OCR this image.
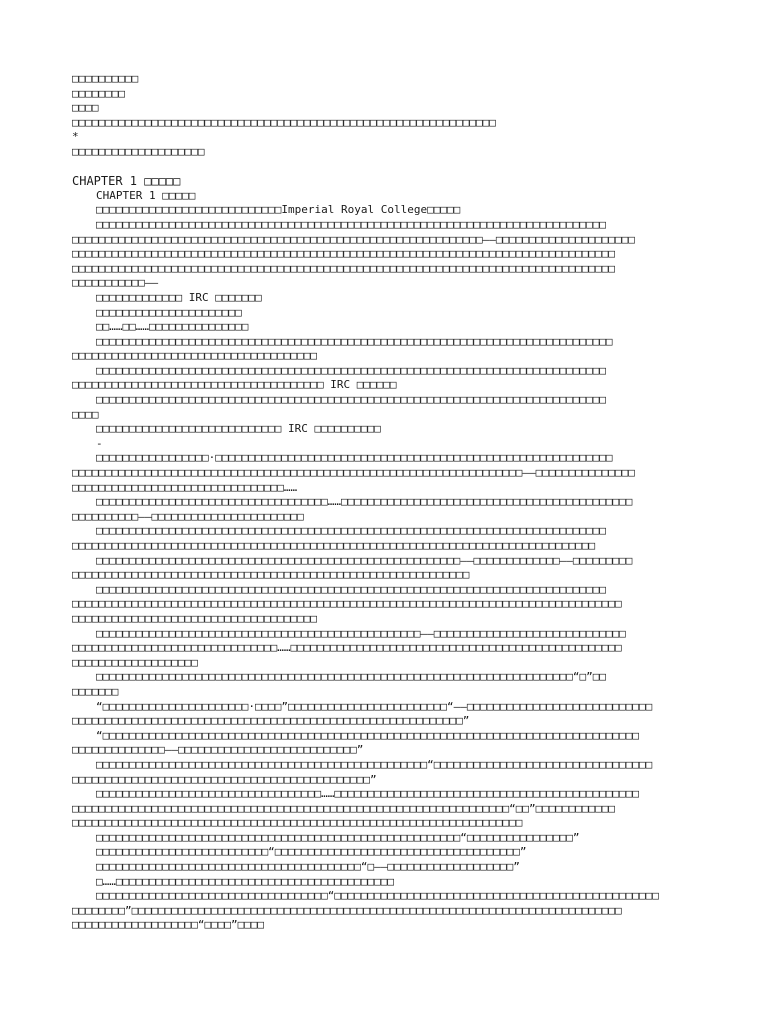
□□□□□□□□□□
□□□□□□□□
□□□□
□□□□□□□□□□□□□□□□□□□□□□□□□□□□□□□□□□□□□□□□□□□□□□□□□□□□□□□□□□□□□□□□
*
□□□□□□□□□□□□□□□□□□□□
CHAPTER 1 □□□□□
CHAPTER 1 □□□□□
□□□□□□□□□□□□□□□□□□□□□□□□□□□□Imperial Royal College□□□□□
□□□□□□□□□□□□□□□□□□□□□□□□□□□□□□□□□□□□□□□□□□□□□□□□□□□□□□□□□□□□□□□□□□□□□□□□□□□□□
□□□□□□□□□□□□□□□□□□□□□□□□□□□□□□□□□□□□□□□□□□□□□□□□□□□□□□□□□□□□□□——□□□□□□□□□□□□□□□□□□□□□
□□□□□□□□□□□□□□□□□□□□□□□□□□□□□□□□□□□□□□□□□□□□□□□□□□□□□□□□□□□□□□□□□□□□□□□□□□□□□□□□□□
□□□□□□□□□□□□□□□□□□□□□□□□□□□□□□□□□□□□□□□□□□□□□□□□□□□□□□□□□□□□□□□□□□□□□□□□□□□□□□□□□□
□□□□□□□□□□□——
□□□□□□□□□□□□□ IRC □□□□□□□
□□□□□□□□□□□□□□□□□□□□□□
□□……□□……□□□□□□□□□□□□□□□
□□□□□□□□□□□□□□□□□□□□□□□□□□□□□□□□□□□□□□□□□□□□□□□□□□□□□□□□□□□□□□□□□□□□□□□□□□□□□□
□□□□□□□□□□□□□□□□□□□□□□□□□□□□□□□□□□□□□
□□□□□□□□□□□□□□□□□□□□□□□□□□□□□□□□□□□□□□□□□□□□□□□□□□□□□□□□□□□□□□□□□□□□□□□□□□□□□
□□□□□□□□□□□□□□□□□□□□□□□□□□□□□□□□□□□□□□ IRC □□□□□□
□□□□□□□□□□□□□□□□□□□□□□□□□□□□□□□□□□□□□□□□□□□□□□□□□□□□□□□□□□□□□□□□□□□□□□□□□□□□□
□□□□
□□□□□□□□□□□□□□□□□□□□□□□□□□□□ IRC □□□□□□□□□□
-
□□□□□□□□□□□□□□□□□·□□□□□□□□□□□□□□□□□□□□□□□□□□□□□□□□□□□□□□□□□□□□□□□□□□□□□□□□□□□□
□□□□□□□□□□□□□□□□□□□□□□□□□□□□□□□□□□□□□□□□□□□□□□□□□□□□□□□□□□□□□□□□□□□□——□□□□□□□□□□□□□□□
□□□□□□□□□□□□□□□□□□□□□□□□□□□□□□□□……
□□□□□□□□□□□□□□□□□□□□□□□□□□□□□□□□□□□……□□□□□□□□□□□□□□□□□□□□□□□□□□□□□□□□□□□□□□□□□□□□
□□□□□□□□□□——□□□□□□□□□□□□□□□□□□□□□□□
□□□□□□□□□□□□□□□□□□□□□□□□□□□□□□□□□□□□□□□□□□□□□□□□□□□□□□□□□□□□□□□□□□□□□□□□□□□□□
□□□□□□□□□□□□□□□□□□□□□□□□□□□□□□□□□□□□□□□□□□□□□□□□□□□□□□□□□□□□□□□□□□□□□□□□□□□□□□□
□□□□□□□□□□□□□□□□□□□□□□□□□□□□□□□□□□□□□□□□□□□□□□□□□□□□□□□——□□□□□□□□□□□□□——□□□□□□□□□
□□□□□□□□□□□□□□□□□□□□□□□□□□□□□□□□□□□□□□□□□□□□□□□□□□□□□□□□□□□□
□□□□□□□□□□□□□□□□□□□□□□□□□□□□□□□□□□□□□□□□□□□□□□□□□□□□□□□□□□□□□□□□□□□□□□□□□□□□□
□□□□□□□□□□□□□□□□□□□□□□□□□□□□□□□□□□□□□□□□□□□□□□□□□□□□□□□□□□□□□□□□□□□□□□□□□□□□□□□□□□□
□□□□□□□□□□□□□□□□□□□□□□□□□□□□□□□□□□□□□
□□□□□□□□□□□□□□□□□□□□□□□□□□□□□□□□□□□□□□□□□□□□□□□□□——□□□□□□□□□□□□□□□□□□□□□□□□□□□□□
□□□□□□□□□□□□□□□□□□□□□□□□□□□□□□□……□□□□□□□□□□□□□□□□□□□□□□□□□□□□□□□□□□□□□□□□□□□□□□□□□□
□□□□□□□□□□□□□□□□□□□
□□□□□□□□□□□□□□□□□□□□□□□□□□□□□□□□□□□□□□□□□□□□□□□□□□□□□□□□□□□□□□□□□□□□□□□□“□”□□
□□□□□□□
“□□□□□□□□□□□□□□□□□□□□□□·□□□□”□□□□□□□□□□□□□□□□□□□□□□□□“——□□□□□□□□□□□□□□□□□□□□□□□□□□□□
□□□□□□□□□□□□□□□□□□□□□□□□□□□□□□□□□□□□□□□□□□□□□□□□□□□□□□□□□□□”
“□□□□□□□□□□□□□□□□□□□□□□□□□□□□□□□□□□□□□□□□□□□□□□□□□□□□□□□□□□□□□□□□□□□□□□□□□□□□□□□□□
□□□□□□□□□□□□□□——□□□□□□□□□□□□□□□□□□□□□□□□□□□”
□□□□□□□□□□□□□□□□□□□□□□□□□□□□□□□□□□□□□□□□□□□□□□□□□□“□□□□□□□□□□□□□□□□□□□□□□□□□□□□□□□□□
□□□□□□□□□□□□□□□□□□□□□□□□□□□□□□□□□□□□□□□□□□□□□”
□□□□□□□□□□□□□□□□□□□□□□□□□□□□□□□□□□……□□□□□□□□□□□□□□□□□□□□□□□□□□□□□□□□□□□□□□□□□□□□□□
□□□□□□□□□□□□□□□□□□□□□□□□□□□□□□□□□□□□□□□□□□□□□□□□□□□□□□□□□□□□□□□□□□“□□”□□□□□□□□□□□□
□□□□□□□□□□□□□□□□□□□□□□□□□□□□□□□□□□□□□□□□□□□□□□□□□□□□□□□□□□□□□□□□□□□□
□□□□□□□□□□□□□□□□□□□□□□□□□□□□□□□□□□□□□□□□□□□□□□□□□□□□□□□“□□□□□□□□□□□□□□□□”
□□□□□□□□□□□□□□□□□□□□□□□□□□“□□□□□□□□□□□□□□□□□□□□□□□□□□□□□□□□□□□□□”
□□□□□□□□□□□□□□□□□□□□□□□□□□□□□□□□□□□□□□□□“□——□□□□□□□□□□□□□□□□□□□”
□……□□□□□□□□□□□□□□□□□□□□□□□□□□□□□□□□□□□□□□□□□□
□□□□□□□□□□□□□□□□□□□□□□□□□□□□□□□□□□□“□□□□□□□□□□□□□□□□□□□□□□□□□□□□□□□□□□□□□□□□□□□□□□□□□
□□□□□□□□”□□□□□□□□□□□□□□□□□□□□□□□□□□□□□□□□□□□□□□□□□□□□□□□□□□□□□□□□□□□□□□□□□□□□□□□□□□
□□□□□□□□□□□□□□□□□□□“□□□□”□□□□
